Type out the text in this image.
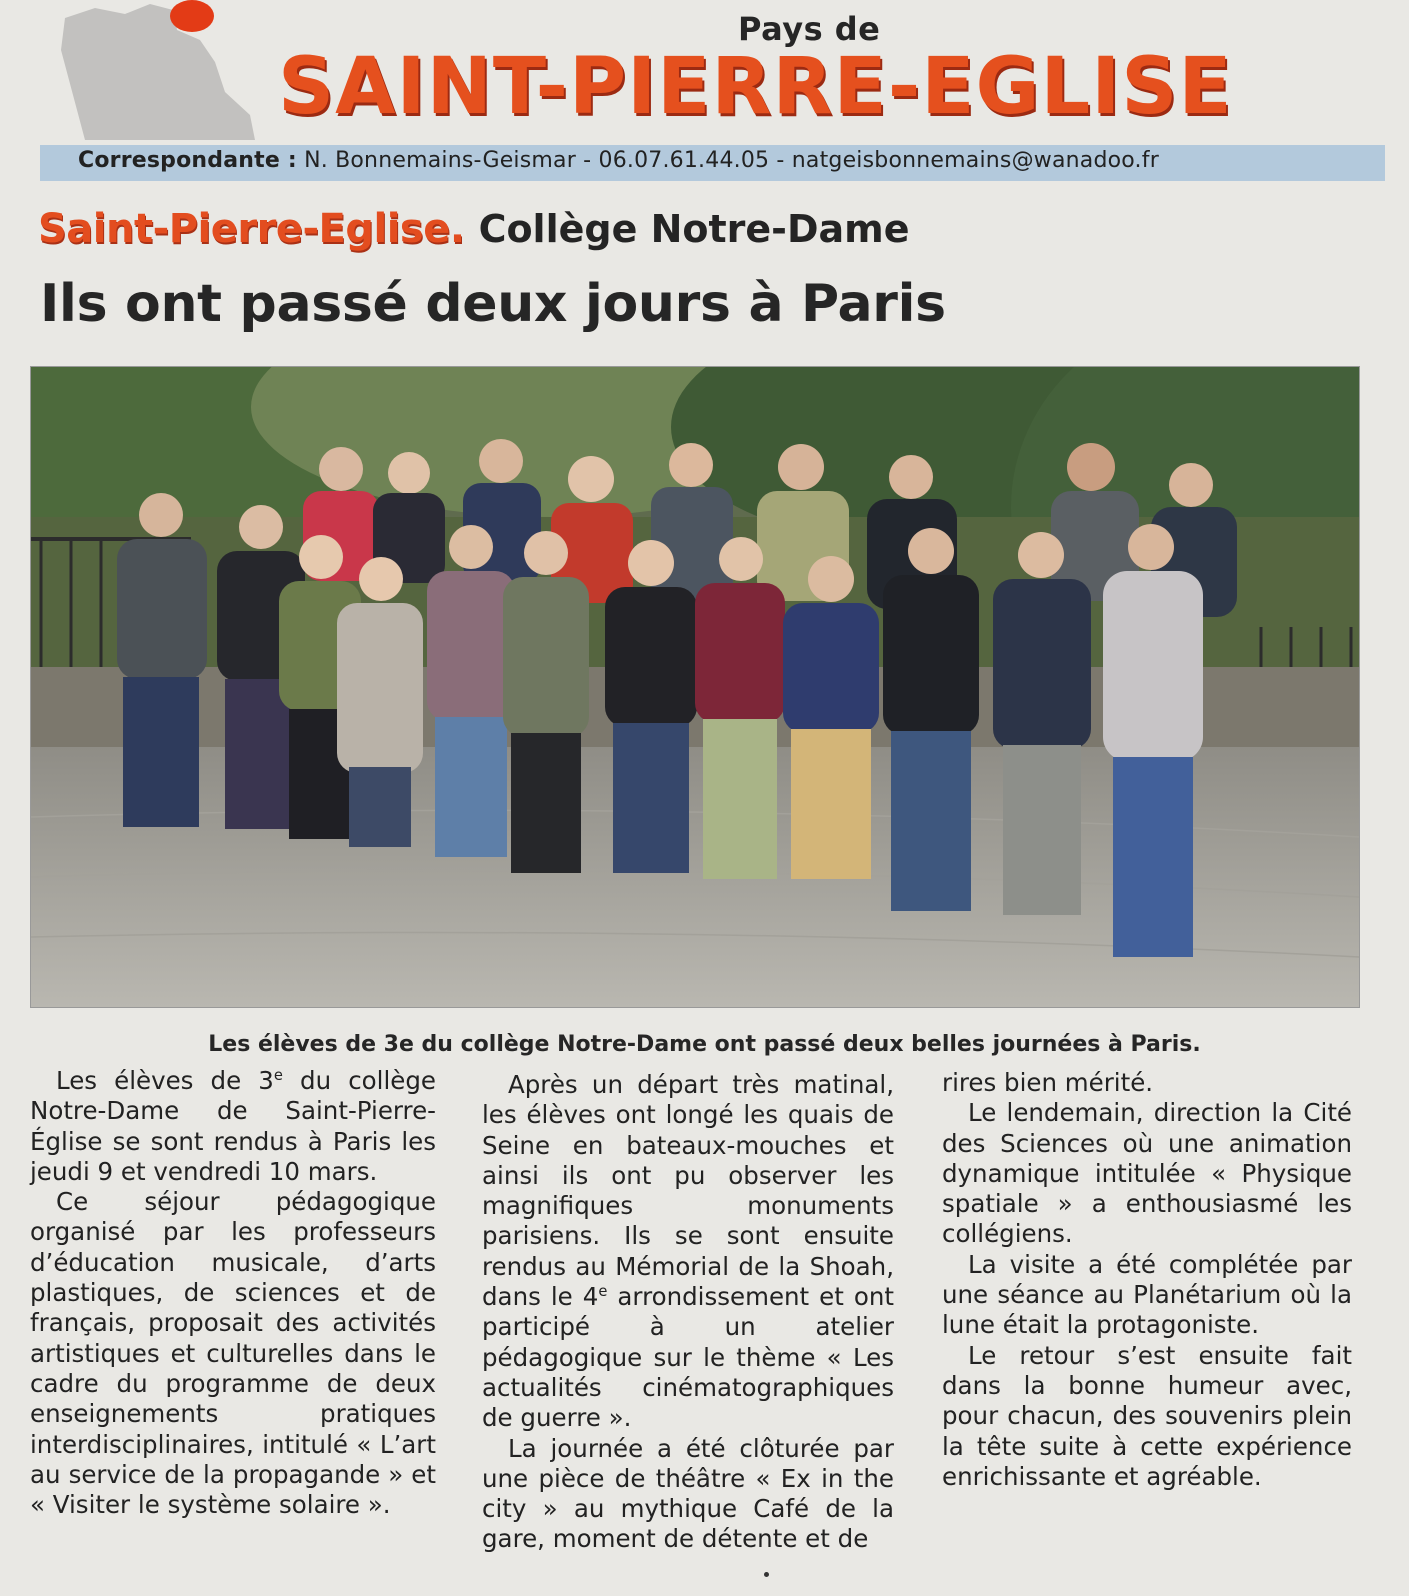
Pays de
SAINT-PIERRE-EGLISE
Correspondante : N. Bonnemains-Geismar - 06.07.61.44.05 - natgeisbonnemains@wanadoo.fr
Saint-Pierre-Eglise. Collège Notre-Dame
Ils ont passé deux jours à Paris
Les élèves de 3e du collège Notre-Dame ont passé deux belles journées à Paris.

Les élèves de 3e du collège Notre-Dame de Saint-Pierre-Église se sont rendus à Paris les jeudi 9 et vendredi 10 mars.

Ce séjour pédagogique organisé par les professeurs d’éducation musicale, d’arts plastiques, de sciences et de français, proposait des activités artistiques et culturelles dans le cadre du programme de deux enseignements pratiques interdisciplinaires, intitulé « L’art au service de la propagande » et « Visiter le système solaire ».

Après un départ très matinal, les élèves ont longé les quais de Seine en bateaux-mouches et ainsi ils ont pu observer les magnifiques monuments parisiens. Ils se sont ensuite rendus au Mémorial de la Shoah, dans le 4e arrondissement et ont participé à un atelier pédagogique sur le thème « Les actualités cinématographiques de guerre ».

La journée a été clôturée par une pièce de théâtre « Ex in the city » au mythique Café de la gare, moment de détente et de

rires bien mérité.

Le lendemain, direction la Cité des Sciences où une animation dynamique intitulée « Physique spatiale » a enthousiasmé les collégiens.

La visite a été complétée par une séance au Planétarium où la lune était la protagoniste.

Le retour s’est ensuite fait dans la bonne humeur avec, pour chacun, des souvenirs plein la tête suite à cette expérience enrichissante et agréable.
